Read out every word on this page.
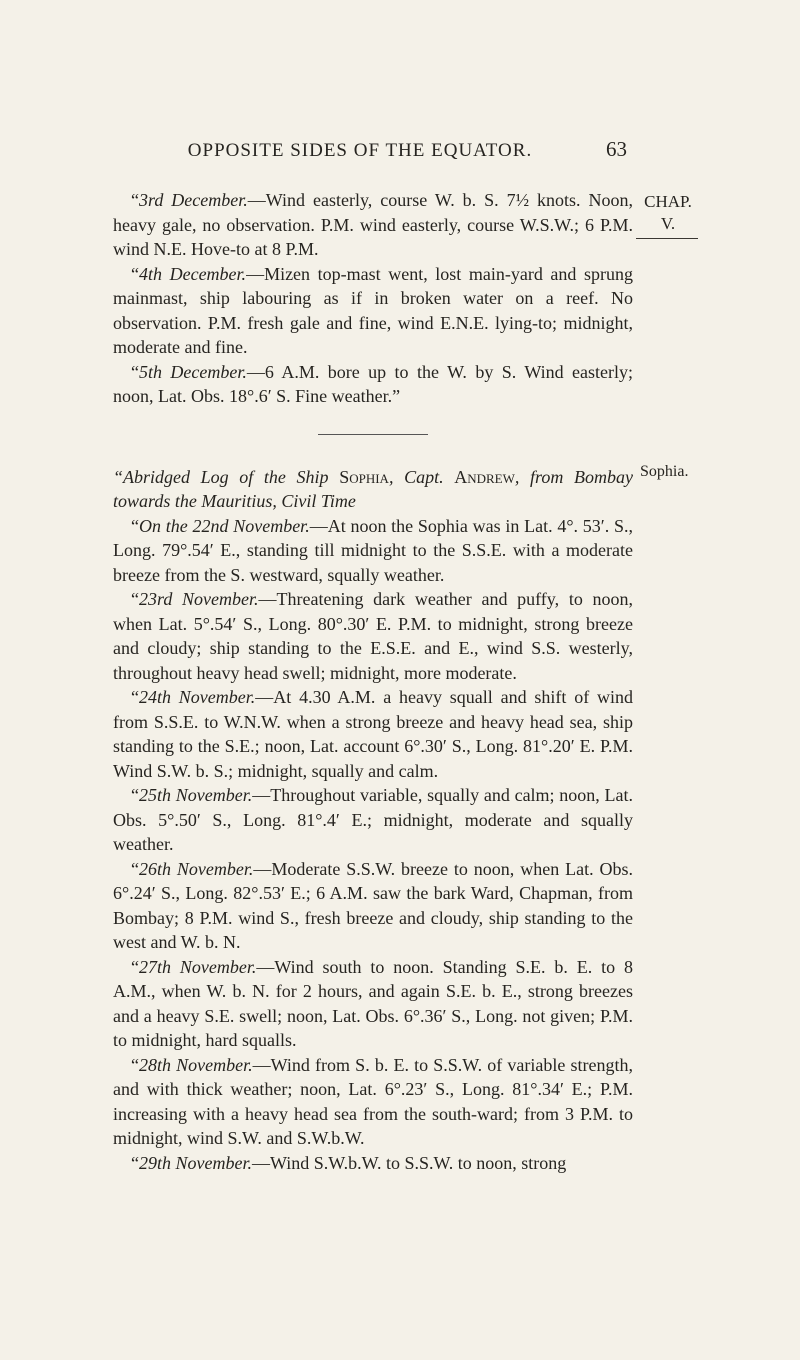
OPPOSITE SIDES OF THE EQUATOR.	63
CHAP.
V.
Sophia.

“3rd December.—Wind easterly, course W. b. S. 7½ knots. Noon, heavy gale, no observation. P.M. wind easterly, course W.S.W.; 6 P.M. wind N.E. Hove-to at 8 P.M.

“4th December.—Mizen top-mast went, lost main-yard and sprung mainmast, ship labouring as if in broken water on a reef. No observation. P.M. fresh gale and fine, wind E.N.E. lying-to; midnight, moderate and fine.

“5th December.—6 A.M. bore up to the W. by S. Wind easterly; noon, Lat. Obs. 18°.6′ S. Fine weather.”

“Abridged Log of the Ship Sophia, Capt. Andrew, from Bombay towards the Mauritius, Civil Time

“On the 22nd November.—At noon the Sophia was in Lat. 4°. 53′. S., Long. 79°.54′ E., standing till midnight to the S.S.E. with a moderate breeze from the S. westward, squally weather.

“23rd November.—Threatening dark weather and puffy, to noon, when Lat. 5°.54′ S., Long. 80°.30′ E. P.M. to midnight, strong breeze and cloudy; ship standing to the E.S.E. and E., wind S.S. westerly, throughout heavy head swell; midnight, more moderate.

“24th November.—At 4.30 A.M. a heavy squall and shift of wind from S.S.E. to W.N.W. when a strong breeze and heavy head sea, ship standing to the S.E.; noon, Lat. account 6°.30′ S., Long. 81°.20′ E. P.M. Wind S.W. b. S.; midnight, squally and calm.

“25th November.—Throughout variable, squally and calm; noon, Lat. Obs. 5°.50′ S., Long. 81°.4′ E.; midnight, moderate and squally weather.

“26th November.—Moderate S.S.W. breeze to noon, when Lat. Obs. 6°.24′ S., Long. 82°.53′ E.; 6 A.M. saw the bark Ward, Chapman, from Bombay; 8 P.M. wind S., fresh breeze and cloudy, ship standing to the west and W. b. N.

“27th November.—Wind south to noon. Standing S.E. b. E. to 8 A.M., when W. b. N. for 2 hours, and again S.E. b. E., strong breezes and a heavy S.E. swell; noon, Lat. Obs. 6°.36′ S., Long. not given; P.M. to midnight, hard squalls.

“28th November.—Wind from S. b. E. to S.S.W. of variable strength, and with thick weather; noon, Lat. 6°.23′ S., Long. 81°.34′ E.; P.M. increasing with a heavy head sea from the south-ward; from 3 P.M. to midnight, wind S.W. and S.W.b.W.

“29th November.—Wind S.W.b.W. to S.S.W. to noon, strong
